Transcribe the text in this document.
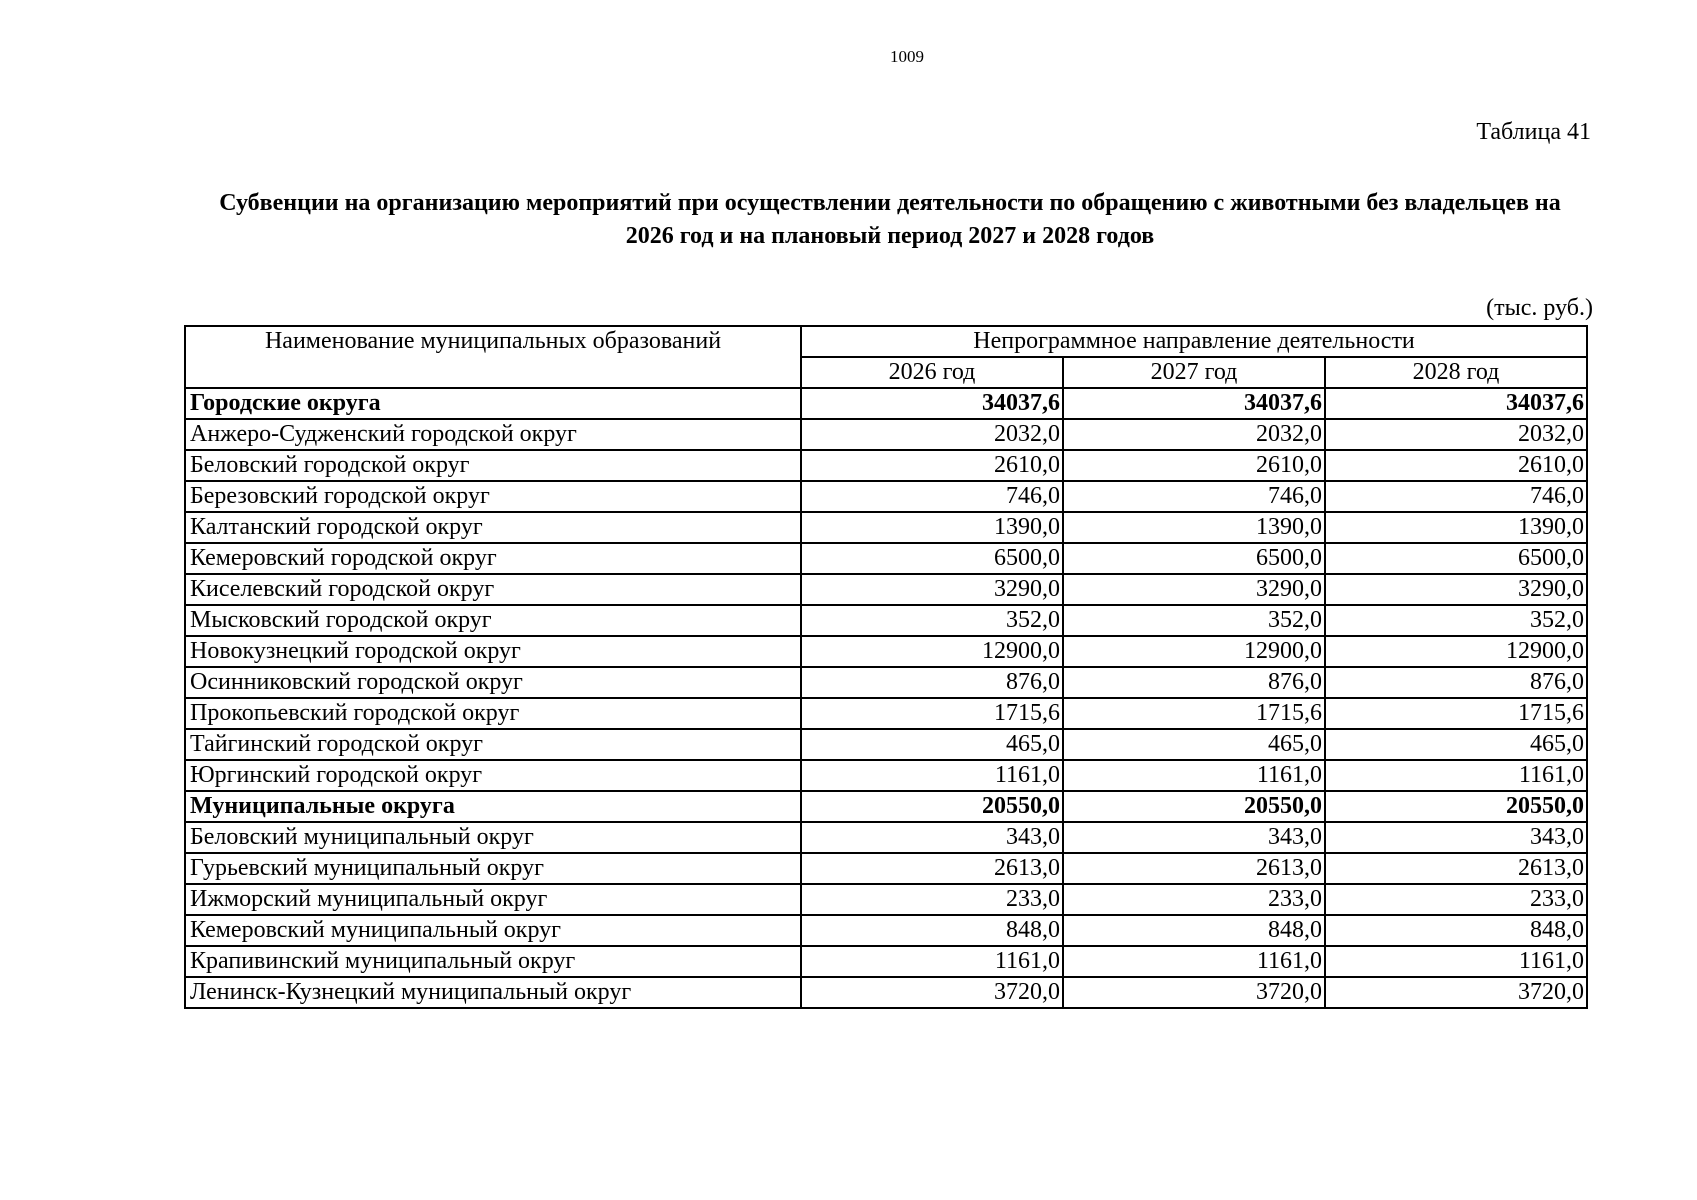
1009
Таблица 41
Субвенции на организацию мероприятий при осуществлении деятельности по обращению с животными без владельцев на 2026 год и на плановый период 2027 и 2028 годов
(тыс. руб.)
Наименование муниципальных образований	Непрограммное направление деятельности		
	2026 год	2027 год	2028 год
Городские округа	34037,6	34037,6	34037,6
Анжеро-Судженский городской округ	2032,0	2032,0	2032,0
Беловский городской округ	2610,0	2610,0	2610,0
Березовский городской округ	746,0	746,0	746,0
Калтанский городской округ	1390,0	1390,0	1390,0
Кемеровский городской округ	6500,0	6500,0	6500,0
Киселевский городской округ	3290,0	3290,0	3290,0
Мысковский городской округ	352,0	352,0	352,0
Новокузнецкий городской округ	12900,0	12900,0	12900,0
Осинниковский городской округ	876,0	876,0	876,0
Прокопьевский городской округ	1715,6	1715,6	1715,6
Тайгинский городской округ	465,0	465,0	465,0
Юргинский городской округ	1161,0	1161,0	1161,0
Муниципальные округа	20550,0	20550,0	20550,0
Беловский муниципальный округ	343,0	343,0	343,0
Гурьевский муниципальный округ	2613,0	2613,0	2613,0
Ижморский муниципальный округ	233,0	233,0	233,0
Кемеровский муниципальный округ	848,0	848,0	848,0
Крапивинский муниципальный округ	1161,0	1161,0	1161,0
Ленинск-Кузнецкий муниципальный округ	3720,0	3720,0	3720,0
